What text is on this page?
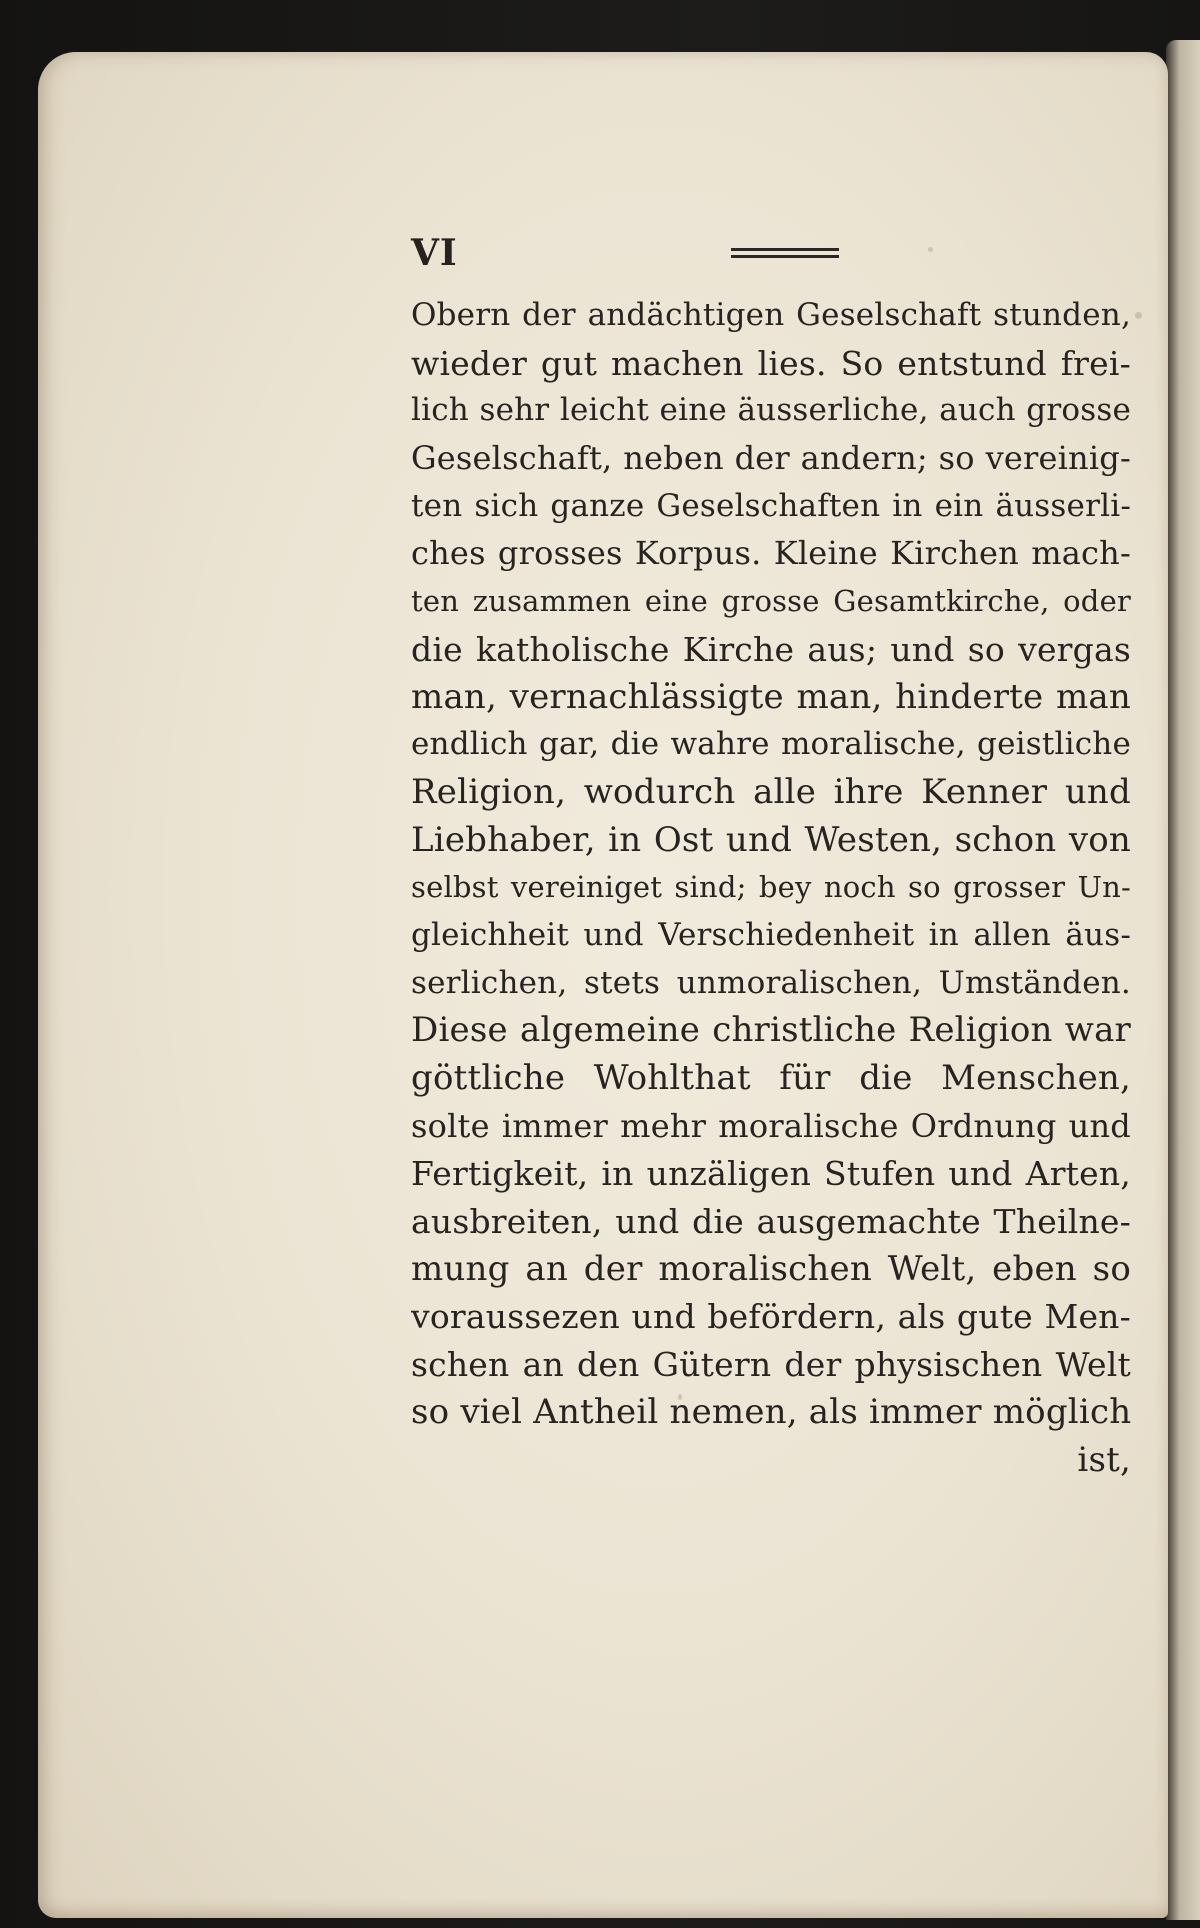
VI
Obern der andächtigen Geselschaft stunden,
wieder gut machen lies. So entstund frei-
lich sehr leicht eine äusserliche, auch grosse
Geselschaft, neben der andern; so vereinig-
ten sich ganze Geselschaften in ein äusserli-
ches grosses Korpus. Kleine Kirchen mach-
ten zusammen eine grosse Gesamtkirche, oder
die katholische Kirche aus; und so vergas
man, vernachlässigte man, hinderte man
endlich gar, die wahre moralische, geistliche
Religion, wodurch alle ihre Kenner und
Liebhaber, in Ost und Westen, schon von
selbst vereiniget sind; bey noch so grosser Un-
gleichheit und Verschiedenheit in allen äus-
serlichen, stets unmoralischen, Umständen.
Diese algemeine christliche Religion war
göttliche Wohlthat für die Menschen,
solte immer mehr moralische Ordnung und
Fertigkeit, in unzäligen Stufen und Arten,
ausbreiten, und die ausgemachte Theilne-
mung an der moralischen Welt, eben so
voraussezen und befördern, als gute Men-
schen an den Gütern der physischen Welt
so viel Antheil nemen, als immer möglich
ist,
